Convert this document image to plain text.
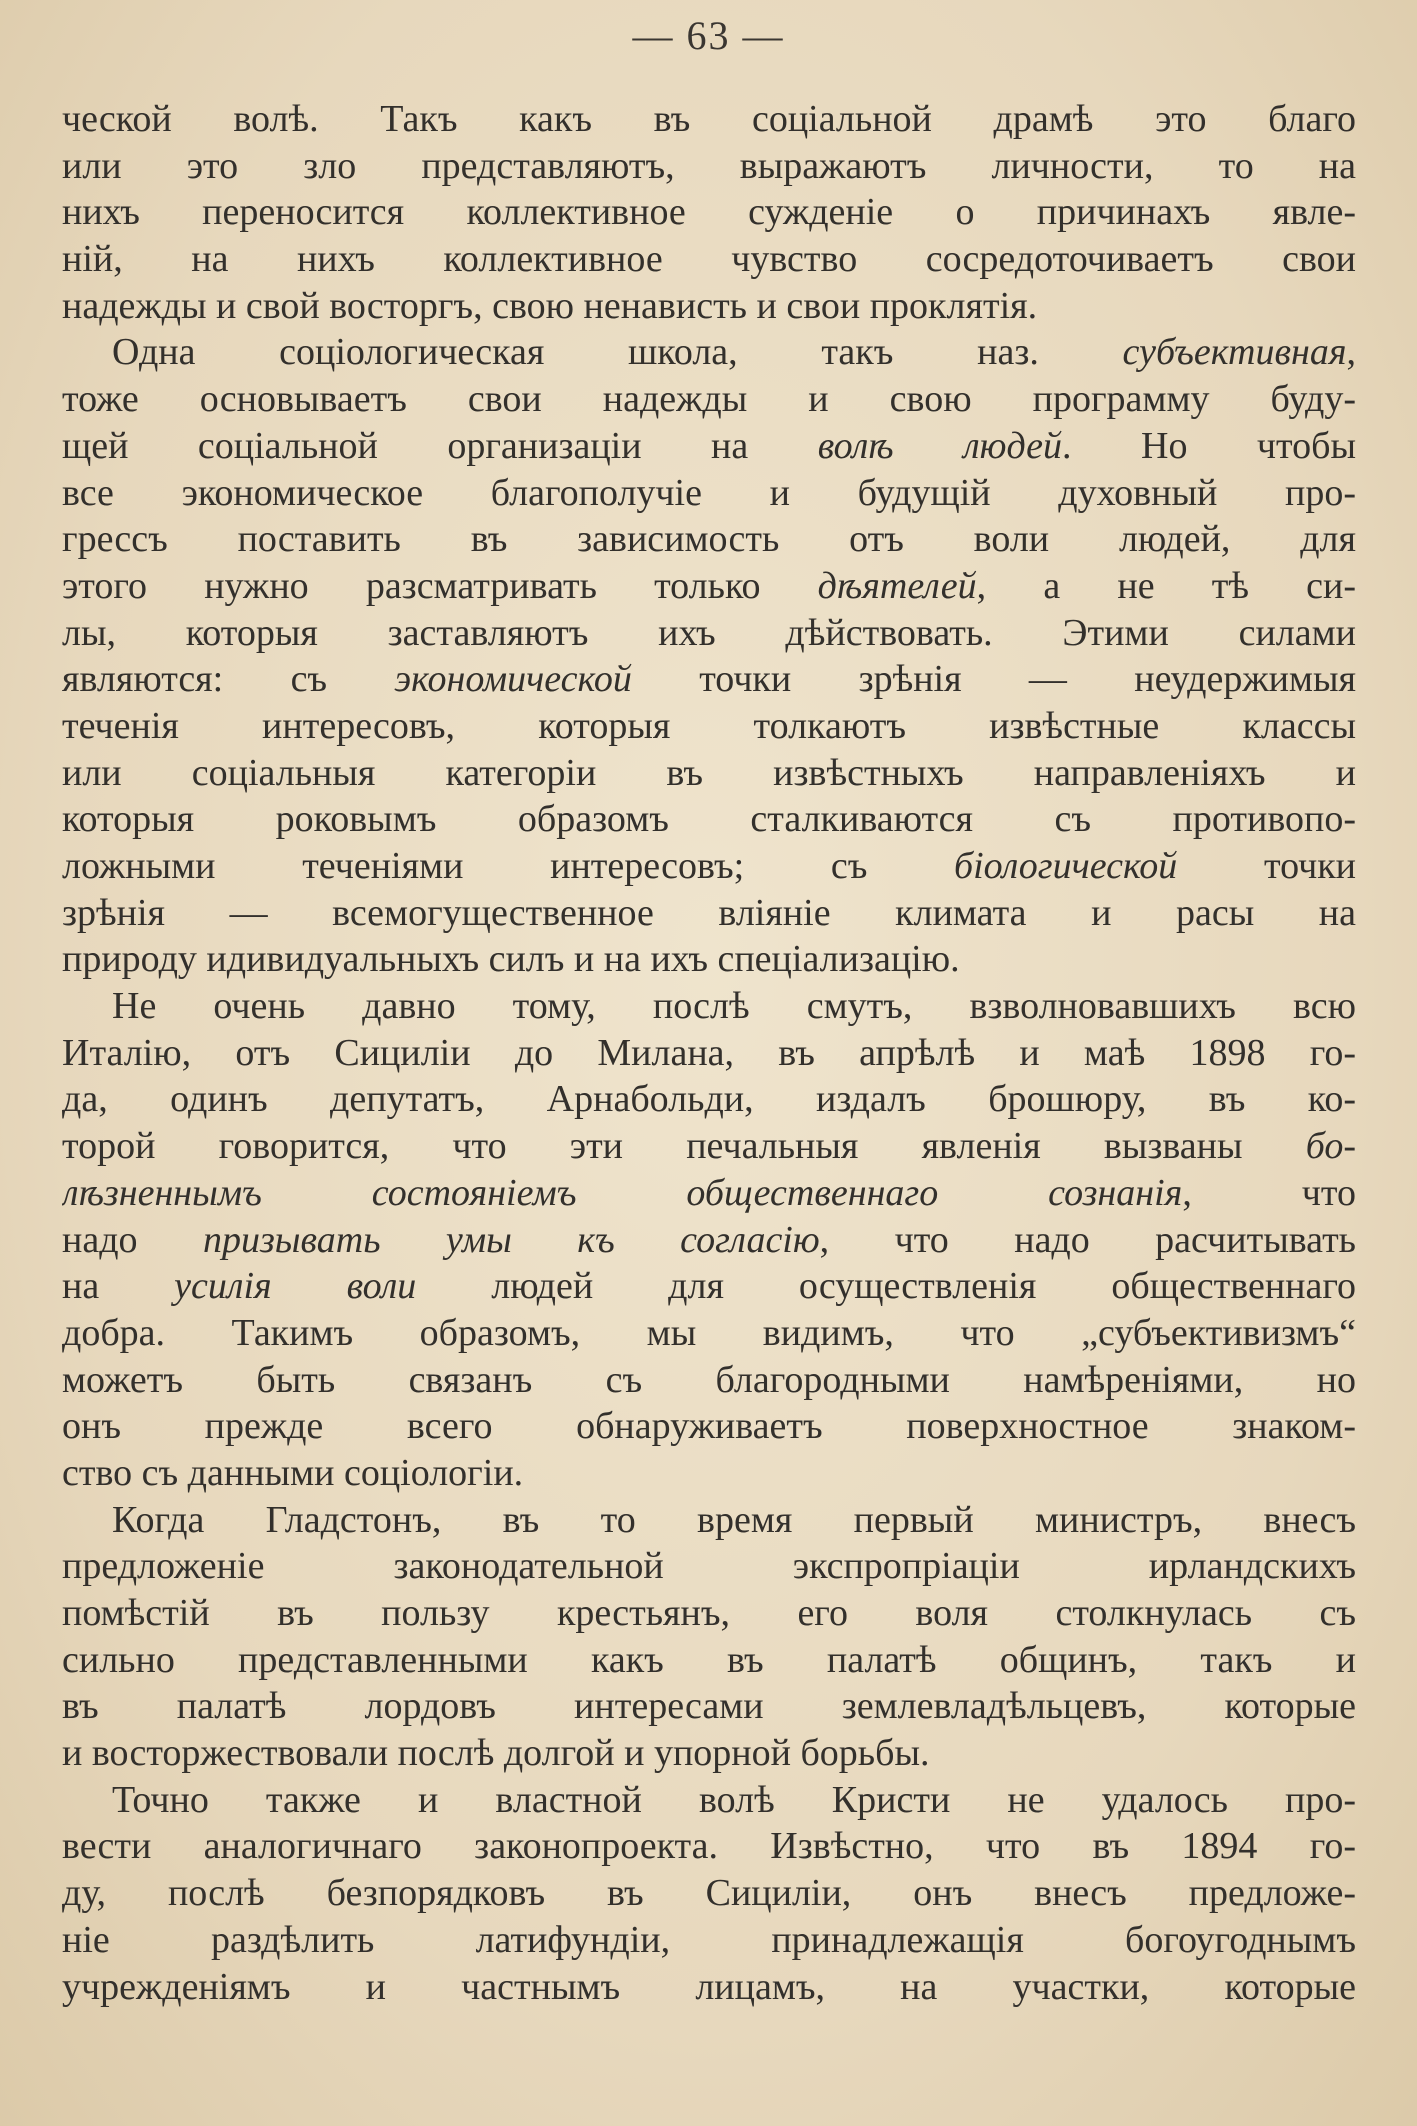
— 63 —
ческой волѣ. Такъ какъ въ соціальной драмѣ это благо
или это зло представляютъ, выражаютъ личности, то на
нихъ переносится коллективное сужденіе о причинахъ явле-
ній, на нихъ коллективное чувство сосредоточиваетъ свои
надежды и свой восторгъ, свою ненависть и свои проклятія.
Одна соціологическая школа, такъ наз. субъективная,
тоже основываетъ свои надежды и свою программу буду-
щей соціальной организаціи на волѣ людей. Но чтобы
все экономическое благополучіе и будущій духовный про-
грессъ поставить въ зависимость отъ воли людей, для
этого нужно разсматривать только дѣятелей, а не тѣ си-
лы, которыя заставляютъ ихъ дѣйствовать. Этими силами
являются: съ экономической точки зрѣнія — неудержимыя
теченія интересовъ, которыя толкаютъ извѣстные классы
или соціальныя категоріи въ извѣстныхъ направленіяхъ и
которыя роковымъ образомъ сталкиваются съ противопо-
ложными теченіями интересовъ; съ біологической точки
зрѣнія — всемогущественное вліяніе климата и расы на
природу идивидуальныхъ силъ и на ихъ спеціализацію.
Не очень давно тому, послѣ смутъ, взволновавшихъ всю
Италію, отъ Сициліи до Милана, въ апрѣлѣ и маѣ 1898 го-
да, одинъ депутатъ, Арнабольди, издалъ брошюру, въ ко-
торой говорится, что эти печальныя явленія вызваны бо-
лѣзненнымъ состояніемъ общественнаго сознанія, что
надо призывать умы къ согласію, что надо расчитывать
на усилія воли людей для осуществленія общественнаго
добра. Такимъ образомъ, мы видимъ, что „субъективизмъ“
можетъ быть связанъ съ благородными намѣреніями, но
онъ прежде всего обнаруживаетъ поверхностное знаком-
ство съ данными соціологіи.
Когда Гладстонъ, въ то время первый министръ, внесъ
предложеніе законодательной экспропріаціи ирландскихъ
помѣстій въ пользу крестьянъ, его воля столкнулась съ
сильно представленными какъ въ палатѣ общинъ, такъ и
въ палатѣ лордовъ интересами землевладѣльцевъ, которые
и восторжествовали послѣ долгой и упорной борьбы.
Точно также и властной волѣ Кристи не удалось про-
вести аналогичнаго законопроекта. Извѣстно, что въ 1894 го-
ду, послѣ безпорядковъ въ Сициліи, онъ внесъ предложе-
ніе раздѣлить латифундіи, принадлежащія богоугоднымъ
учрежденіямъ и частнымъ лицамъ, на участки, которые
